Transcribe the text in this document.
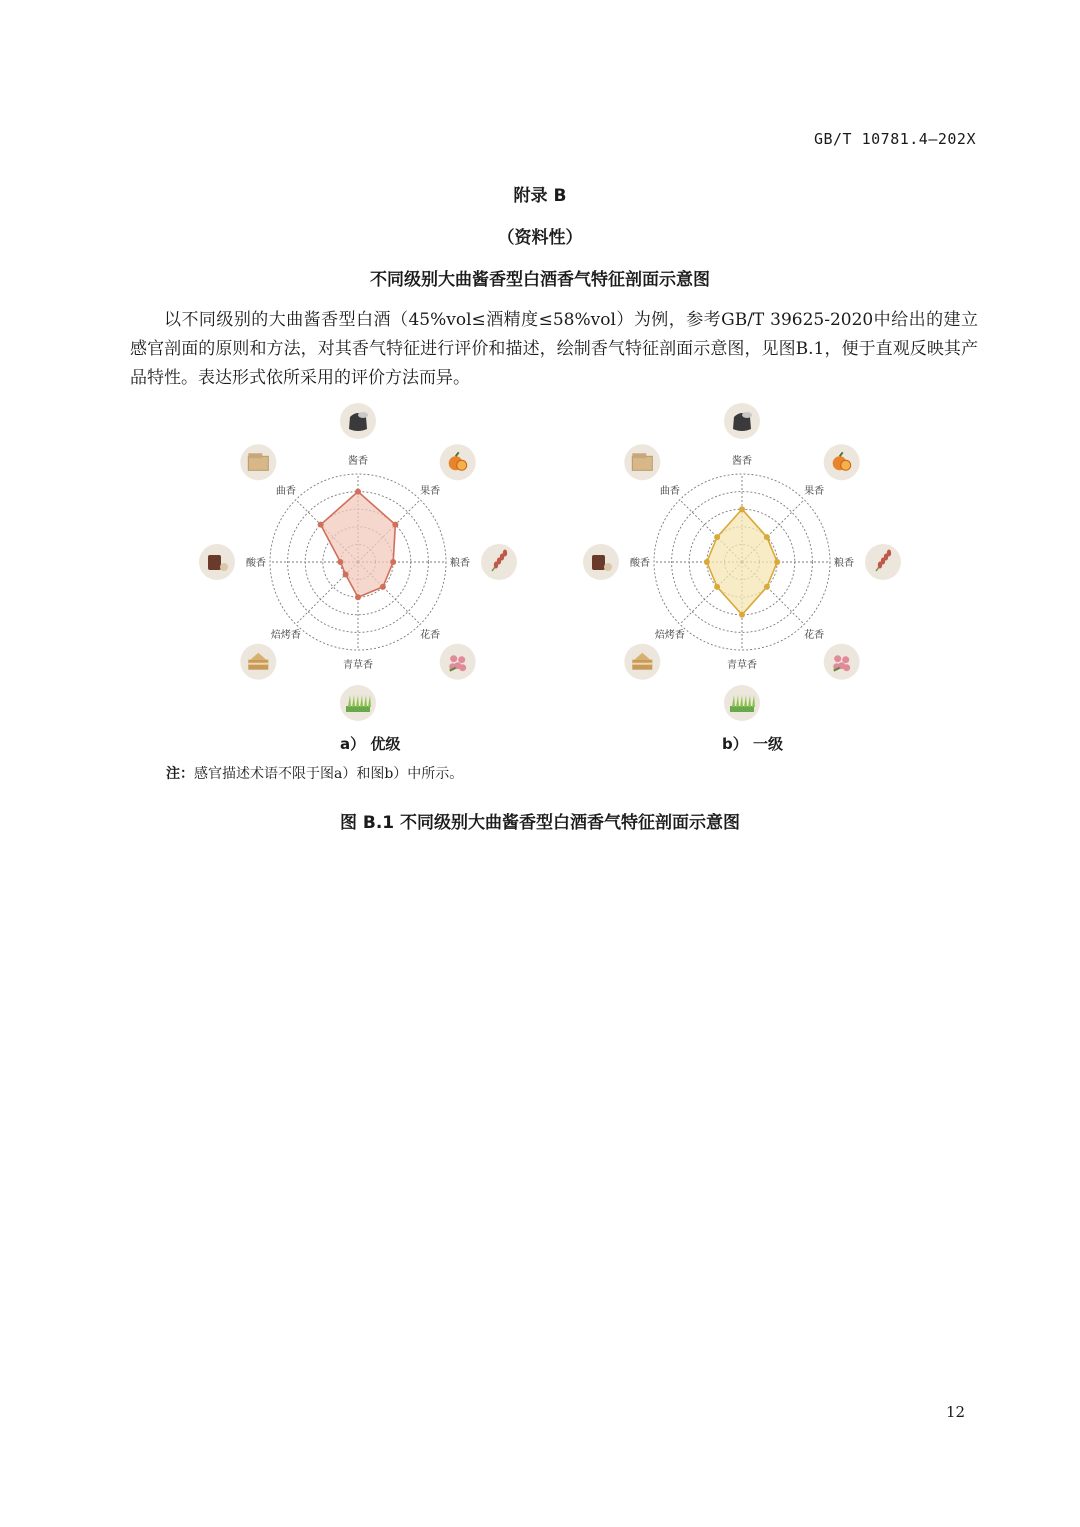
GB/T 10781.4—202X
附录 B
（资料性）
不同级别大曲酱香型白酒香气特征剖面示意图

以不同级别的大曲酱香型白酒（45%vol≤酒精度≤58%vol）为例，参考GB/T 39625-2020中给出的建立感官剖面的原则和方法，对其香气特征进行评价和描述，绘制香气特征剖面示意图，见图B.1，便于直观反映其产品特性。表达形式依所采用的评价方法而异。

酱香
果香
粮香
花香
青草香
焙烤香
酸香
曲香
酱香
果香
粮香
花香
青草香
焙烤香
酸香
曲香
a） 优级	b） 一级
注：感官描述术语不限于图a）和图b）中所示。
图 B.1 不同级别大曲酱香型白酒香气特征剖面示意图
12
